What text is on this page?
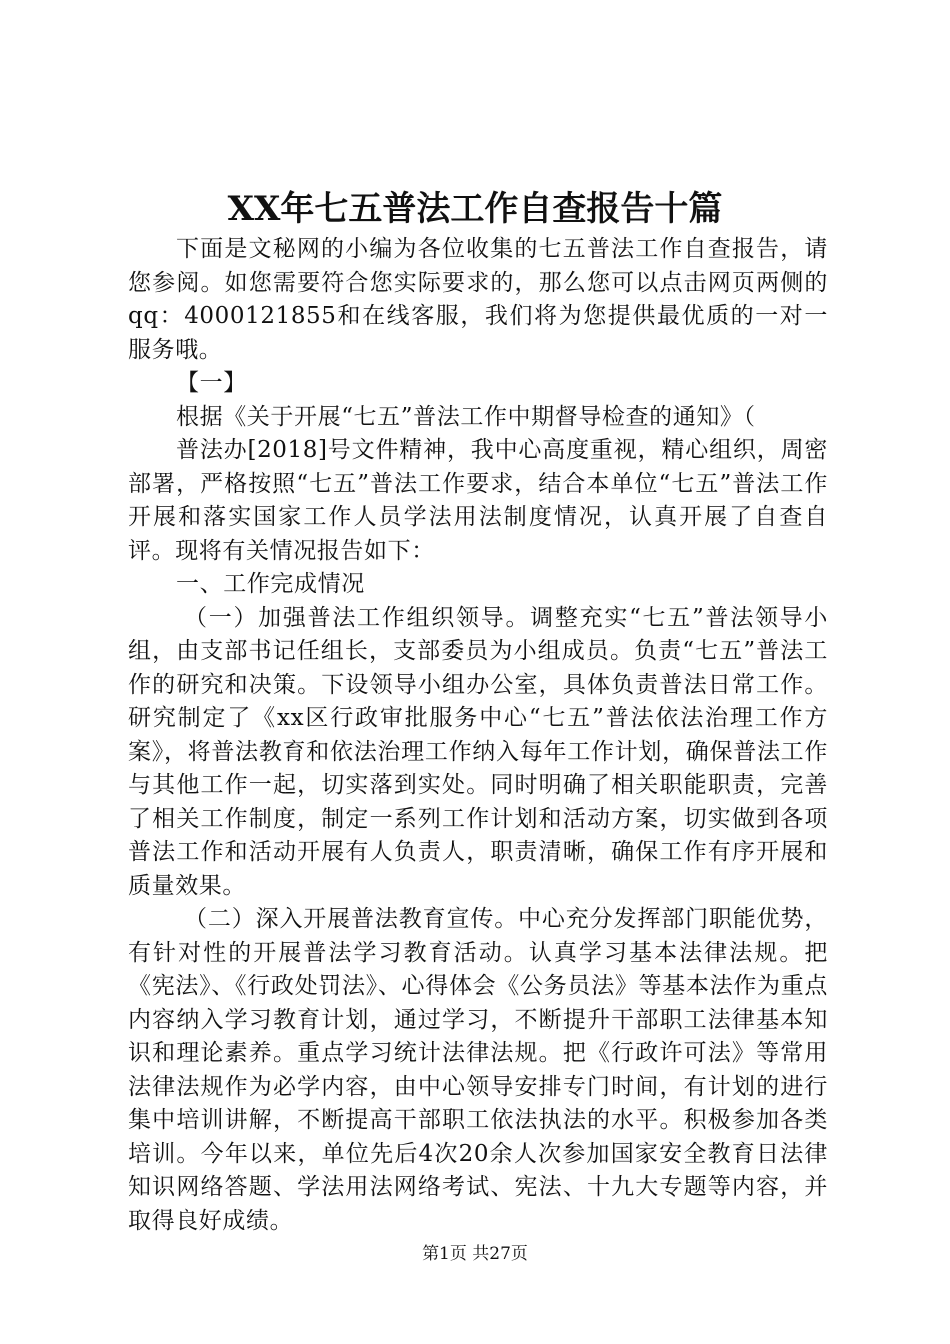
XX年七五普法工作自查报告十篇

下面是文秘网的小编为各位收集的七五普法工作自查报告，请您参阅。如您需要符合您实际要求的，那么您可以点击网页两侧的qq：4000121855和在线客服，我们将为您提供最优质的一对一服务哦。

【一】

根据《关于开展“七五”普法工作中期督导检查的通知》（

普法办[2018]号文件精神，我中心高度重视，精心组织，周密部署，严格按照“七五”普法工作要求，结合本单位“七五”普法工作开展和落实国家工作人员学法用法制度情况，认真开展了自查自评。现将有关情况报告如下：

一、工作完成情况

（一）加强普法工作组织领导。调整充实“七五”普法领导小组，由支部书记任组长，支部委员为小组成员。负责“七五”普法工作的研究和决策。下设领导小组办公室，具体负责普法日常工作。研究制定了《xx区行政审批服务中心“七五”普法依法治理工作方案》，将普法教育和依法治理工作纳入每年工作计划，确保普法工作与其他工作一起，切实落到实处。同时明确了相关职能职责，完善了相关工作制度，制定一系列工作计划和活动方案，切实做到各项普法工作和活动开展有人负责人，职责清晰，确保工作有序开展和质量效果。

（二）深入开展普法教育宣传。中心充分发挥部门职能优势，有针对性的开展普法学习教育活动。认真学习基本法律法规。把《宪法》、《行政处罚法》、心得体会《公务员法》等基本法作为重点内容纳入学习教育计划，通过学习，不断提升干部职工法律基本知识和理论素养。重点学习统计法律法规。把《行政许可法》等常用法律法规作为必学内容，由中心领导安排专门时间，有计划的进行集中培训讲解，不断提高干部职工依法执法的水平。积极参加各类培训。今年以来，单位先后4次20余人次参加国家安全教育日法律知识网络答题、学法用法网络考试、宪法、十九大专题等内容，并取得良好成绩。

第1页 共27页
